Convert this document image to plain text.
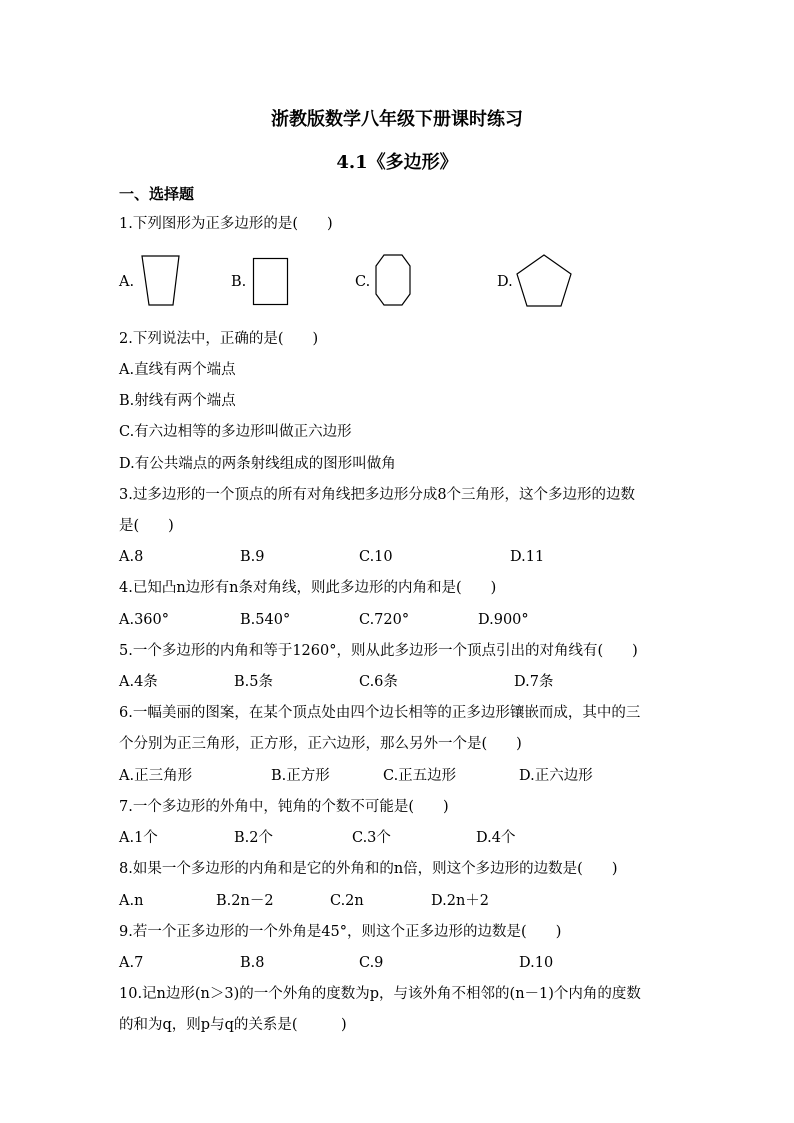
浙教版数学八年级下册课时练习
4.1《多边形》
一、选择题
1.下列图形为正多边形的是(　　)
A.	B.	C.	D.
2.下列说法中，正确的是(　　)
A.直线有两个端点
B.射线有两个端点
C.有六边相等的多边形叫做正六边形
D.有公共端点的两条射线组成的图形叫做角
3.过多边形的一个顶点的所有对角线把多边形分成8个三角形，这个多边形的边数
是(　　)
A.8	B.9	C.10	D.11
4.已知凸n边形有n条对角线，则此多边形的内角和是(　　)
A.360°	B.540°	C.720°	D.900°
5.一个多边形的内角和等于1260°，则从此多边形一个顶点引出的对角线有(　　)
A.4条	B.5条	C.6条	D.7条
6.一幅美丽的图案，在某个顶点处由四个边长相等的正多边形镶嵌而成，其中的三
个分别为正三角形，正方形，正六边形，那么另外一个是(　　)
A.正三角形	B.正方形	C.正五边形	D.正六边形
7.一个多边形的外角中，钝角的个数不可能是(　　)
A.1个	B.2个	C.3个	D.4个
8.如果一个多边形的内角和是它的外角和的n倍，则这个多边形的边数是(　　)
A.n	B.2n－2	C.2n	D.2n＋2
9.若一个正多边形的一个外角是45°，则这个正多边形的边数是(　　)
A.7	B.8	C.9	D.10
10.记n边形(n＞3)的一个外角的度数为p，与该外角不相邻的(n－1)个内角的度数
的和为q，则p与q的关系是(　　　)
